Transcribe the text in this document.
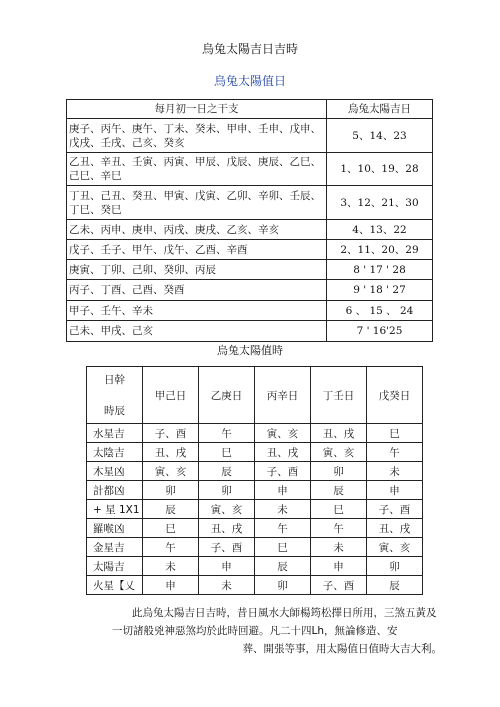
烏兔太陽吉日吉時
烏兔太陽值日
每月初一日之干支	烏兔太陽吉日
庚子、丙午、庚午、丁未、癸未、甲申、壬申、戊申、戊戌、壬戌、己亥、癸亥	5、14、23
乙丑、辛丑、壬寅、丙寅、甲辰、戊辰、庚辰、乙巳、己巳、辛巳	1、10、19、28
丁丑、己丑、癸丑、甲寅、戊寅、乙卯、辛卯、壬辰、丁巳、癸巳	3、12、21、30
乙未、丙申、庚申、丙戌、庚戌、乙亥、辛亥	4、13、22
戊子、壬子、甲午、戊午、乙酉、辛酉	2、11、20、29
庚寅、丁卯、己卯、癸卯、丙辰	8 ' 17 ' 28
丙子、丁酉、己酉、癸酉	9 ' 18 ' 27
甲子、壬午、辛未	6 、 15 、 24
己未、甲戌、己亥	7 ' 16'25
烏兔太陽值時
日幹
時辰	甲己日	乙庚日	丙辛日	丁壬日	戊癸日
水星吉	子、酉	午	寅、亥	丑、戌	巳
太陰吉	丑、戌	巳	丑、戌	寅、亥	午
木星凶	寅、亥	辰	子、酉	卯	未
計都凶	卯	卯	申	辰	申
+ 星 1X1	辰	寅、亥	未	巳	子、酉
羅喉凶	巳	丑、戌	午	午	丑、戌
金星吉	午	子、酉	巳	未	寅、亥
太陽吉	未	申	辰	申	卯
火星【乂	申	未	卯	子、酉	辰

此烏兔太陽吉日吉時，昔日風水大師楊筠松擇日所用，三煞五黃及一切諸般兇神惡煞均於此時回避。凡二十四Lh，無論修造、安

葬、開張等事，用太陽值日值時大吉大利。
